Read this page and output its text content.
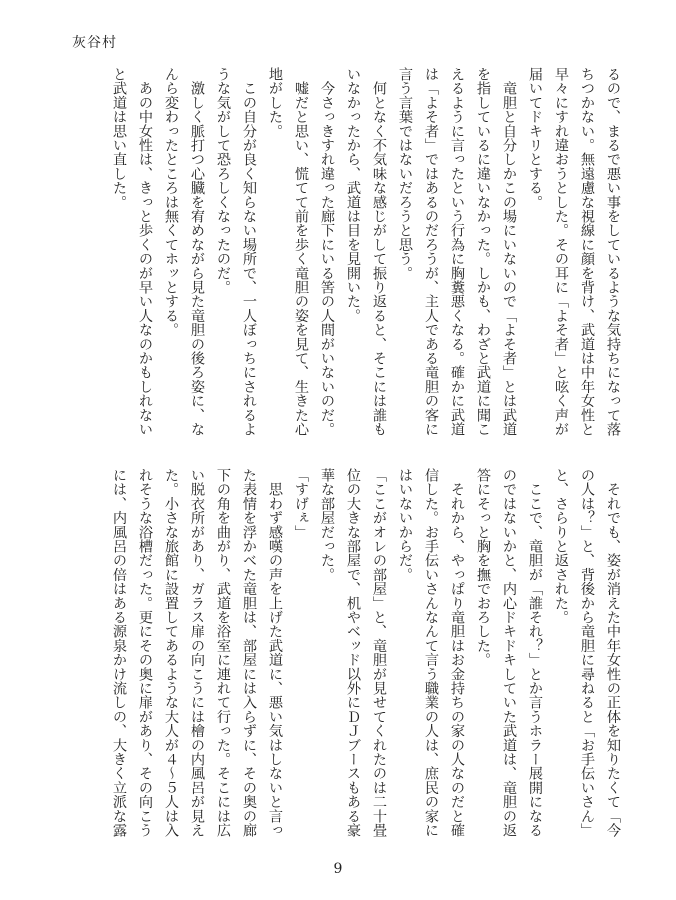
灰谷村
るので、まるで悪い事をしているような気持ちになって落
ちつかない。無遠慮な視線に顔を背け、武道は中年女性と
早々にすれ違おうとした。その耳に「よそ者」と呟く声が
届いてドキリとする。
　竜胆と自分しかこの場にいないので「よそ者」とは武道
を指しているに違いなかった。しかも、わざと武道に聞こ
えるように言ったという行為に胸糞悪くなる。確かに武道
は「よそ者」ではあるのだろうが、主人である竜胆の客に
言う言葉ではないだろうと思う。
　何となく不気味な感じがして振り返ると、そこには誰も
いなかったから、武道は目を見開いた。
　今さっきすれ違った廊下にいる筈の人間がいないのだ。
　嘘だと思い、慌てて前を歩く竜胆の姿を見て、生きた心
地がした。
　この自分が良く知らない場所で、一人ぼっちにされるよ
うな気がして恐ろしくなったのだ。
　激しく脈打つ心臓を宥めながら見た竜胆の後ろ姿に、な
んら変わったところは無くてホッとする。
　あの中女性は、きっと歩くのが早い人なのかもしれない
と武道は思い直した。
　それでも、姿が消えた中年女性の正体を知りたくて「今
の人は？」と、背後から竜胆に尋ねると「お手伝いさん」
と、さらりと返された。
　ここで、竜胆が「誰それ？」とか言うホラー展開になる
のではないかと、内心ドキドキしていた武道は、竜胆の返
答にそっと胸を撫でおろした。
　それから、やっぱり竜胆はお金持ちの家の人なのだと確
信した。お手伝いさんなんて言う職業の人は、庶民の家に
はいないからだ。
「ここがオレの部屋」と、竜胆が見せてくれたのは二十畳
位の大きな部屋で、机やベッド以外にＤＪブースもある豪
華な部屋だった。
「すげぇ」
　思わず感嘆の声を上げた武道に、悪い気はしないと言っ
た表情を浮かべた竜胆は、部屋には入らずに、その奥の廊
下の角を曲がり、武道を浴室に連れて行った。そこには広
い脱衣所があり、ガラス扉の向こうには檜の内風呂が見え
た。小さな旅館に設置してあるような大人が４～５人は入
れそうな浴槽だった。更にその奥に扉があり、その向こう
には、内風呂の倍はある源泉かけ流しの、大きく立派な露
9
